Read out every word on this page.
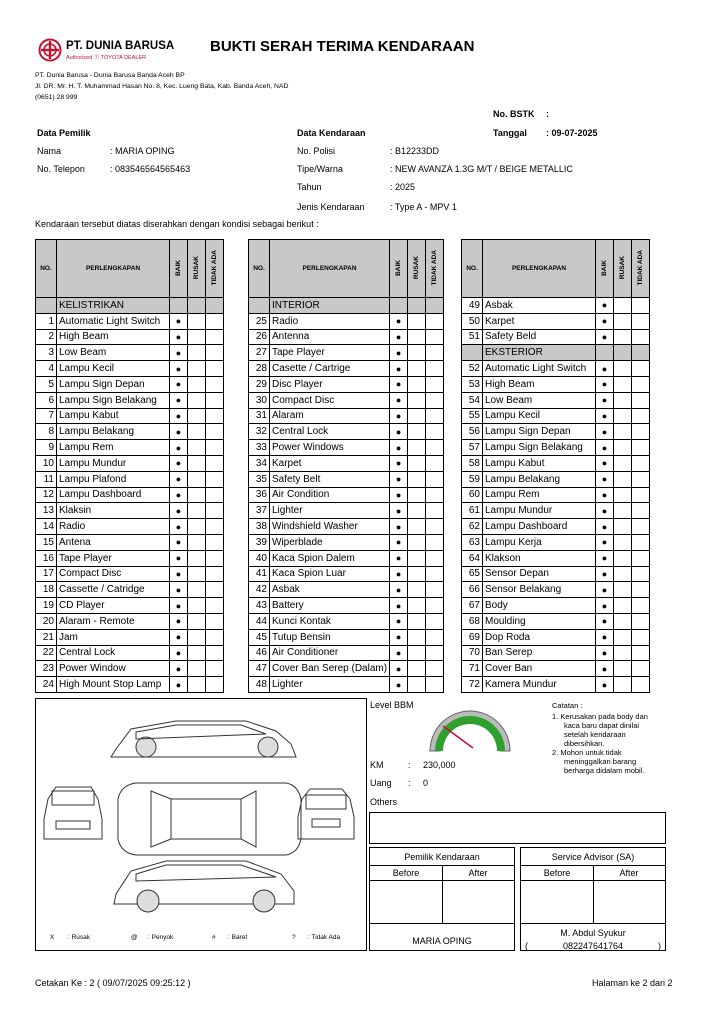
PT. DUNIA BARUSA
Authorized Ⓣ TOYOTA DEALER
BUKTI SERAH TERIMA KENDARAAN
PT. Dunia Barusa - Dunia Barusa Banda Aceh BP
Jl. DR. Mr. H. T. Muhammad Hasan No. 8, Kec. Lueng Bata, Kab. Banda Aceh, NAD
(0651) 28 999
No. BSTK :
Data Pemilik
Nama	: MARIA OPING
No. Telepon	: 083546564565463
Data Kendaraan	Tanggal : 09-07-2025
No. Polisi	: B12233DD
Tipe/Warna	: NEW AVANZA 1.3G M/T / BEIGE METALLIC
Tahun	: 2025
Jenis Kendaraan	: Type A - MPV 1
Kendaraan tersebut diatas diserahkan dengan kondisi sebagai berikut :
NO.	PERLENGKAPAN	BAIK	RUSAK	TIDAK ADA
	KELISTRIKAN			
1	Automatic Light Switch	●		
2	High Beam	●		
3	Low Beam	●		
4	Lampu Kecil	●		
5	Lampu Sign Depan	●		
6	Lampu Sign Belakang	●		
7	Lampu Kabut	●		
8	Lampu Belakang	●		
9	Lampu Rem	●		
10	Lampu Mundur	●		
11	Lampu Plafond	●		
12	Lampu Dashboard	●		
13	Klaksin	●		
14	Radio	●		
15	Antena	●		
16	Tape Player	●		
17	Compact Disc	●		
18	Cassette / Catridge	●		
19	CD Player	●		
20	Alaram - Remote	●		
21	Jam	●		
22	Central Lock	●		
23	Power Window	●		
24	High Mount Stop Lamp	●		
NO.	PERLENGKAPAN	BAIK	RUSAK	TIDAK ADA
	INTERIOR			
25	Radio	●		
26	Antenna	●		
27	Tape Player	●		
28	Casette / Cartrige	●		
29	Disc Player	●		
30	Compact Disc	●		
31	Alaram	●		
32	Central Lock	●		
33	Power Windows	●		
34	Karpet	●		
35	Safety Belt	●		
36	Air Condition	●		
37	Lighter	●		
38	Windshield Washer	●		
39	Wiperblade	●		
40	Kaca Spion Dalem	●		
41	Kaca Spion Luar	●		
42	Asbak	●		
43	Battery	●		
44	Kunci Kontak	●		
45	Tutup Bensin	●		
46	Air Conditioner	●		
47	Cover Ban Serep (Dalam)	●		
48	Lighter	●		
NO.	PERLENGKAPAN	BAIK	RUSAK	TIDAK ADA
49	Asbak	●		
50	Karpet	●		
51	Safety Beld	●		
	EKSTERIOR			
52	Automatic Light Switch	●		
53	High Beam	●		
54	Low Beam	●		
55	Lampu Kecil	●		
56	Lampu Sign Depan	●		
57	Lampu Sign Belakang	●		
58	Lampu Kabut	●		
59	Lampu Belakang	●		
60	Lampu Rem	●		
61	Lampu Mundur	●		
62	Lampu Dashboard	●		
63	Lampu Kerja	●		
64	Klakson	●		
65	Sensor Depan	●		
66	Sensor Belakang	●		
67	Body	●		
68	Moulding	●		
69	Dop Roda	●		
70	Ban Serep	●		
71	Cover Ban	●		
72	Kamera Mundur	●		
X : Rusak	@ : Penyok	# : Baret	? : Tidak Ada
Level BBM	Catatan :
1. Kerusakan pada body dan
kaca baru dapat dinilai
setelah kendaraan
dibersihkan.
2. Mohon untuk tidak
meninggalkan barang
berharga didalam mobil.
KM	: 230,000
Uang : 0
Others
Pemilik Kendaraan
Before	After
MARIA OPING
Service Advisor (SA)
Before	After
M. Abdul Syukur
(	082247641764	)
Cetakan Ke : 2 ( 09/07/2025 09:25:12 )	Halaman ke 2 dari 2
